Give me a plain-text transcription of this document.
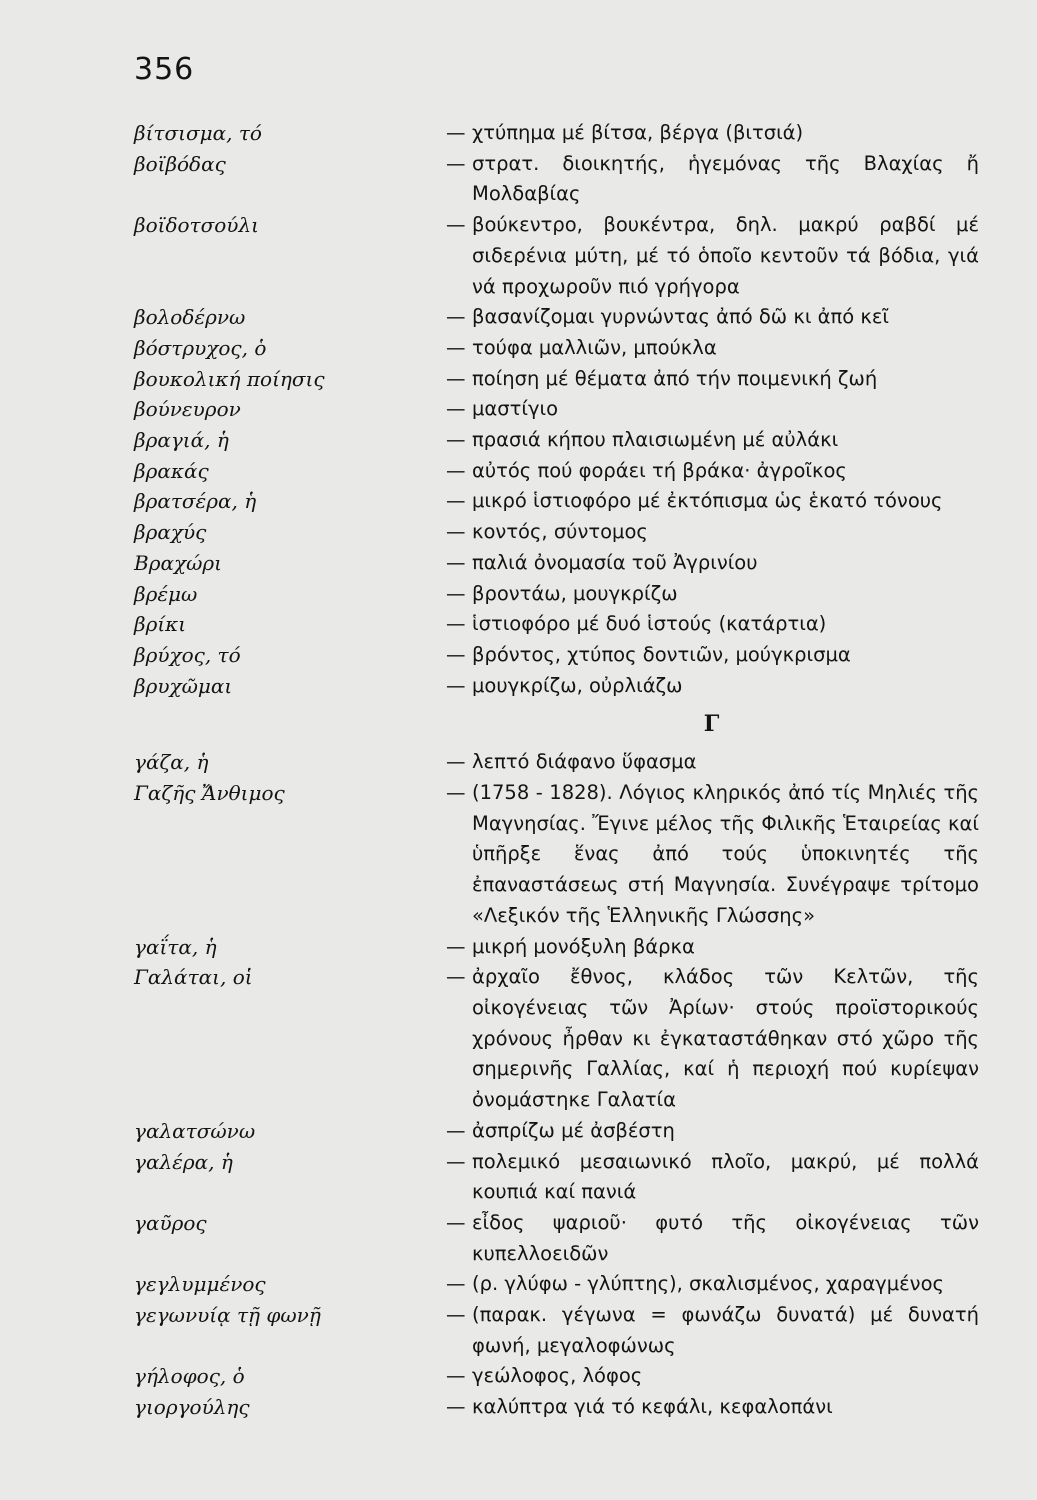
356
βίτσισμα, τό	— χτύπημα μέ βίτσα, βέργα (βιτσιά)
βοϊβόδας	— στρατ. διοικητής, ἡγεμόνας τῆς Βλαχίας ἤ Μολδαβίας
βοϊδοτσούλι	— βούκεντρο, βουκέντρα, δηλ. μακρύ ραβδί μέ σιδερένια μύτη, μέ τό ὁποῖο κεντοῦν τά βόδια, γιά νά προχωροῦν πιό γρήγορα
βολοδέρνω	— βασανίζομαι γυρνώντας ἀπό δῶ κι ἀπό κεῖ
βόστρυχος, ὁ	— τούφα μαλλιῶν, μπούκλα
βουκολική ποίησις	— ποίηση μέ θέματα ἀπό τήν ποιμενική ζωή
βούνευρον	— μαστίγιο
βραγιά, ἡ	— πρασιά κήπου πλαισιωμένη μέ αὐλάκι
βρακάς	— αὐτός πού φοράει τή βράκα· ἀγροῖκος
βρατσέρα, ἡ	— μικρό ἱστιοφόρο μέ ἐκτόπισμα ὡς ἑκατό τόνους
βραχύς	— κοντός, σύντομος
Βραχώρι	— παλιά ὀνομασία τοῦ Ἀγρινίου
βρέμω	— βροντάω, μουγκρίζω
βρίκι	— ἱστιοφόρο μέ δυό ἱστούς (κατάρτια)
βρύχος, τό	— βρόντος, χτύπος δοντιῶν, μούγκρισμα
βρυχῶμαι	— μουγκρίζω, οὐρλιάζω
Γ
γάζα, ἡ	— λεπτό διάφανο ὕφασμα
Γαζῆς Ἄνθιμος	— (1758 - 1828). Λόγιος κληρικός ἀπό τίς Μηλιές τῆς Μαγνησίας. Ἔγινε μέλος τῆς Φιλικῆς Ἑταιρείας καί ὑπῆρξε ἕνας ἀπό τούς ὑποκινητές τῆς ἐπαναστάσεως στή Μαγνησία. Συνέγραψε τρίτομο «Λεξικόν τῆς Ἑλληνικῆς Γλώσσης»
γαΐτα, ἡ	— μικρή μονόξυλη βάρκα
Γαλάται, οἱ	— ἀρχαῖο ἔθνος, κλάδος τῶν Κελτῶν, τῆς οἰκογένειας τῶν Ἀρίων· στούς προϊστορικούς χρόνους ἦρθαν κι ἐγκαταστάθηκαν στό χῶρο τῆς σημερινῆς Γαλλίας, καί ἡ περιοχή πού κυρίεψαν ὀνομάστηκε Γαλατία
γαλατσώνω	— ἀσπρίζω μέ ἀσβέστη
γαλέρα, ἡ	— πολεμικό μεσαιωνικό πλοῖο, μακρύ, μέ πολλά κουπιά καί πανιά
γαῦρος	— εἶδος ψαριοῦ· φυτό τῆς οἰκογένειας τῶν κυπελλοειδῶν
γεγλυμμένος	— (ρ. γλύφω - γλύπτης), σκαλισμένος, χαραγμένος
γεγωνυίᾳ τῇ φωνῇ	— (παρακ. γέγωνα = φωνάζω δυνατά) μέ δυνατή φωνή, μεγαλοφώνως
γήλοφος, ὁ	— γεώλοφος, λόφος
γιοργούλης	— καλύπτρα γιά τό κεφάλι, κεφαλοπάνι
